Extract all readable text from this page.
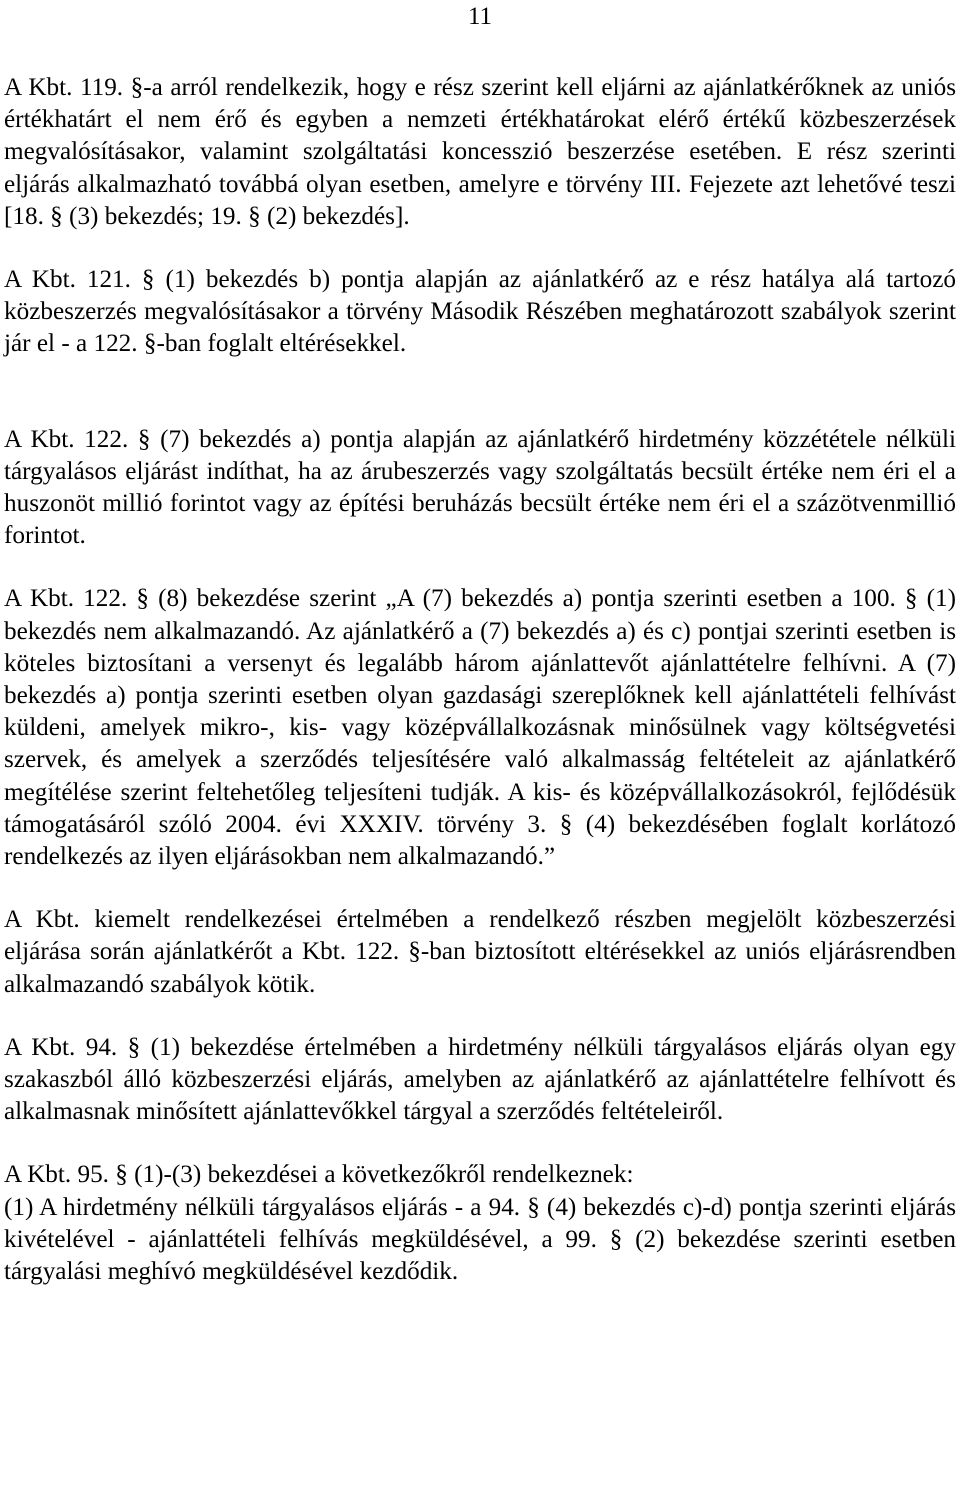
11

A Kbt. 119. §-a arról rendelkezik, hogy e rész szerint kell eljárni az ajánlatkérőknek az uniós értékhatárt el nem érő és egyben a nemzeti értékhatárokat elérő értékű közbeszerzések megvalósításakor, valamint szolgáltatási koncesszió beszerzése esetében. E rész szerinti eljárás alkalmazható továbbá olyan esetben, amelyre e törvény III. Fejezete azt lehetővé teszi [18. § (3) bekezdés; 19. § (2) bekezdés].

A Kbt. 121. § (1) bekezdés b) pontja alapján az ajánlatkérő az e rész hatálya alá tartozó közbeszerzés megvalósításakor a törvény Második Részében meghatározott szabályok szerint jár el - a 122. §-ban foglalt eltérésekkel.

A Kbt. 122. § (7) bekezdés a) pontja alapján az ajánlatkérő hirdetmény közzététele nélküli tárgyalásos eljárást indíthat, ha az árubeszerzés vagy szolgáltatás becsült értéke nem éri el a huszonöt millió forintot vagy az építési beruházás becsült értéke nem éri el a százötvenmillió forintot.

A Kbt. 122. § (8) bekezdése szerint „A (7) bekezdés a) pontja szerinti esetben a 100. § (1) bekezdés nem alkalmazandó. Az ajánlatkérő a (7) bekezdés a) és c) pontjai szerinti esetben is köteles biztosítani a versenyt és legalább három ajánlattevőt ajánlattételre felhívni. A (7) bekezdés a) pontja szerinti esetben olyan gazdasági szereplőknek kell ajánlattételi felhívást küldeni, amelyek mikro-, kis- vagy középvállalkozásnak minősülnek vagy költségvetési szervek, és amelyek a szerződés teljesítésére való alkalmasság feltételeit az ajánlatkérő megítélése szerint feltehetőleg teljesíteni tudják. A kis- és középvállalkozásokról, fejlődésük támogatásáról szóló 2004. évi XXXIV. törvény 3. § (4) bekezdésében foglalt korlátozó rendelkezés az ilyen eljárásokban nem alkalmazandó.”

A Kbt. kiemelt rendelkezései értelmében a rendelkező részben megjelölt közbeszerzési eljárása során ajánlatkérőt a Kbt. 122. §-ban biztosított eltérésekkel az uniós eljárásrendben alkalmazandó szabályok kötik.

A Kbt. 94. § (1) bekezdése értelmében a hirdetmény nélküli tárgyalásos eljárás olyan egy szakaszból álló közbeszerzési eljárás, amelyben az ajánlatkérő az ajánlattételre felhívott és alkalmasnak minősített ajánlattevőkkel tárgyal a szerződés feltételeiről.

A Kbt. 95. § (1)-(3) bekezdései a következőkről rendelkeznek:

(1) A hirdetmény nélküli tárgyalásos eljárás - a 94. § (4) bekezdés c)-d) pontja szerinti eljárás kivételével - ajánlattételi felhívás megküldésével, a 99. § (2) bekezdése szerinti esetben tárgyalási meghívó megküldésével kezdődik.
